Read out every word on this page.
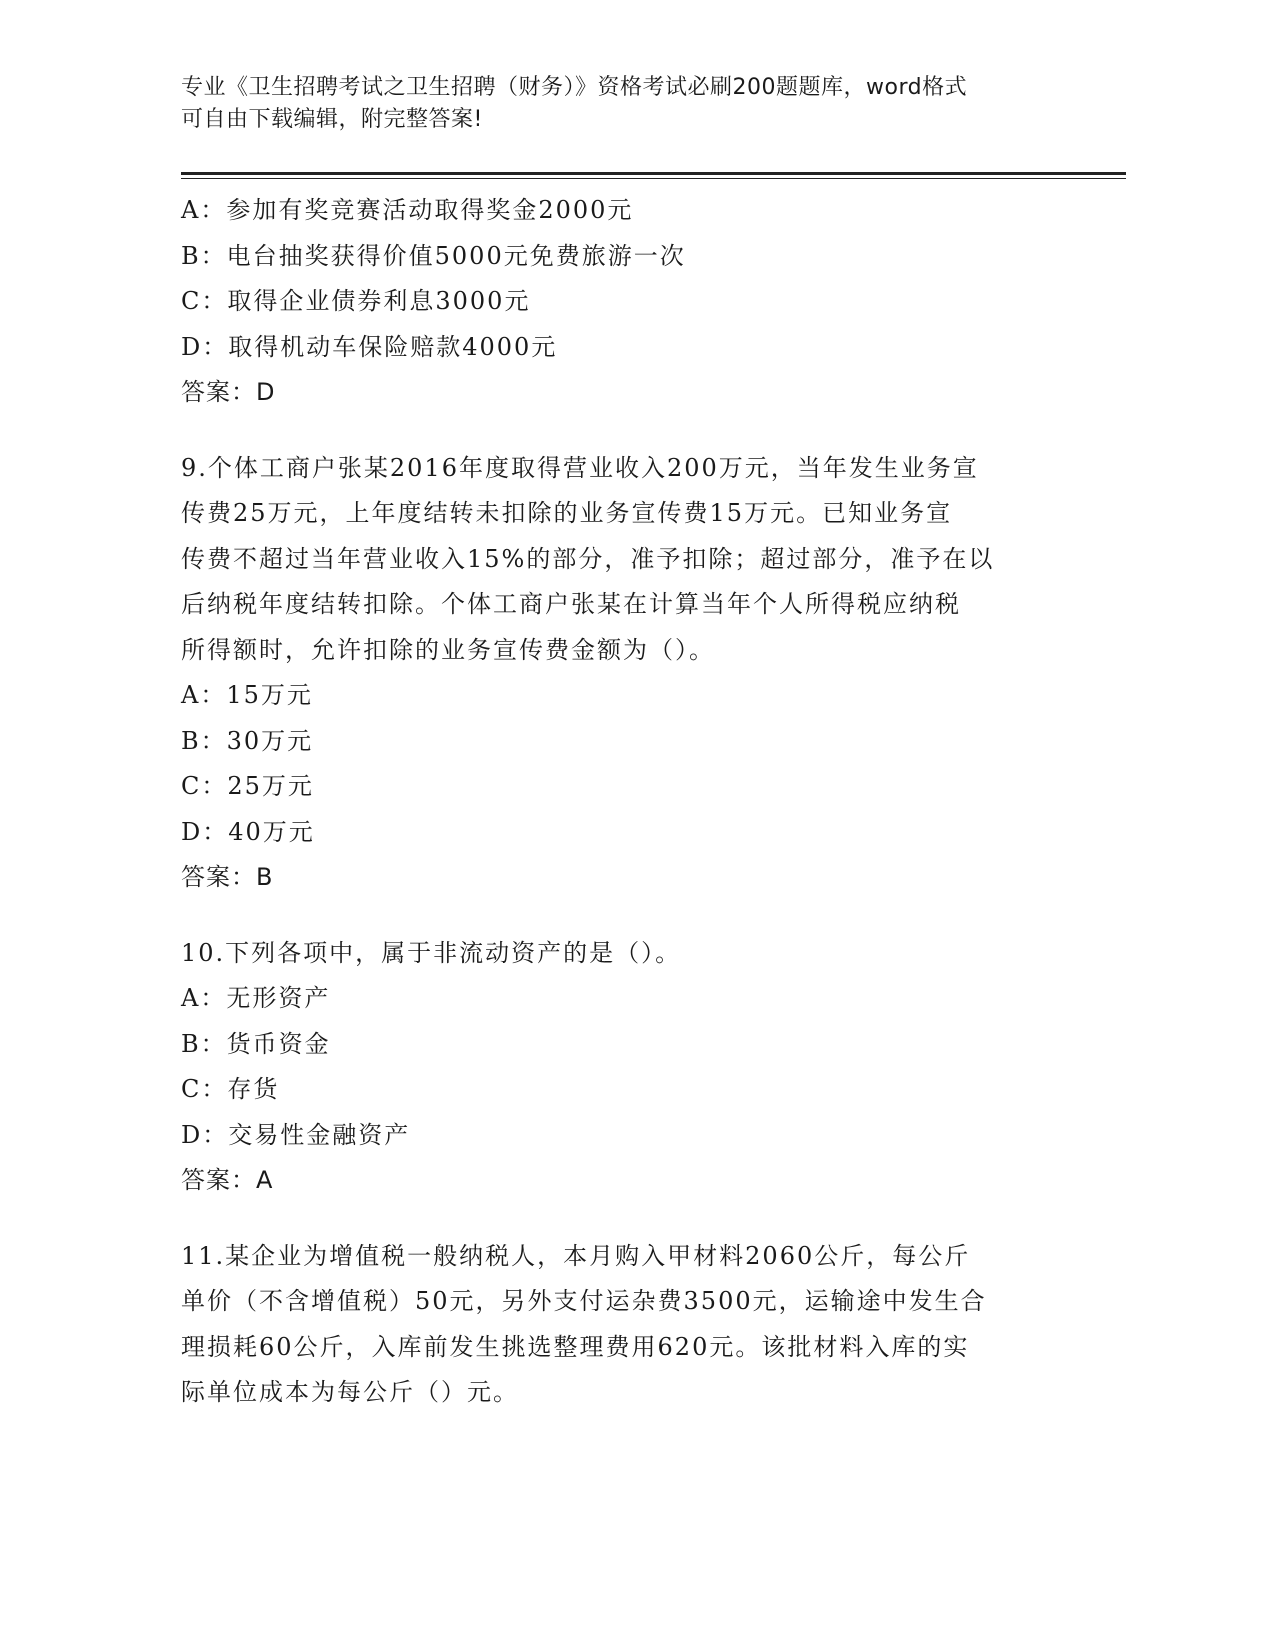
专业《卫生招聘考试之卫生招聘（财务）》资格考试必刷200题题库，word格式
可自由下载编辑，附完整答案!
A：参加有奖竞赛活动取得奖金2000元
B：电台抽奖获得价值5000元免费旅游一次
C：取得企业债券利息3000元
D：取得机动车保险赔款4000元
答案：D
9.个体工商户张某2016年度取得营业收入200万元，当年发生业务宣
传费25万元，上年度结转未扣除的业务宣传费15万元。已知业务宣
传费不超过当年营业收入15%的部分，准予扣除；超过部分，准予在以
后纳税年度结转扣除。个体工商户张某在计算当年个人所得税应纳税
所得额时，允许扣除的业务宣传费金额为（）。
A：15万元
B：30万元
C：25万元
D：40万元
答案：B
10.下列各项中，属于非流动资产的是（）。
A：无形资产
B：货币资金
C：存货
D：交易性金融资产
答案：A
11.某企业为增值税一般纳税人，本月购入甲材料2060公斤，每公斤
单价（不含增值税）50元，另外支付运杂费3500元，运输途中发生合
理损耗60公斤，入库前发生挑选整理费用620元。该批材料入库的实
际单位成本为每公斤（）元。
